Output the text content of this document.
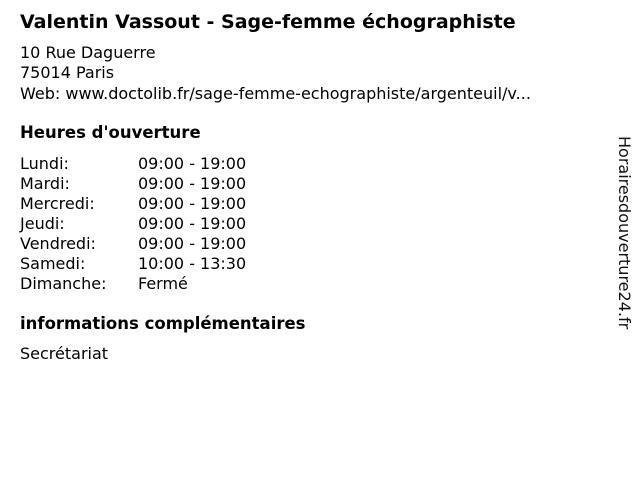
Valentin Vassout - Sage-femme échographiste
10 Rue Daguerre
75014 Paris
Web: www.doctolib.fr/sage-femme-echographiste/argenteuil/v...
Heures d'ouverture
Lundi:	09:00 - 19:00
Mardi:	09:00 - 19:00
Mercredi:	09:00 - 19:00
Jeudi:	09:00 - 19:00
Vendredi:	09:00 - 19:00
Samedi:	10:00 - 13:30
Dimanche: Fermé
informations complémentaires
Secrétariat
Horairesdouverture24.fr
